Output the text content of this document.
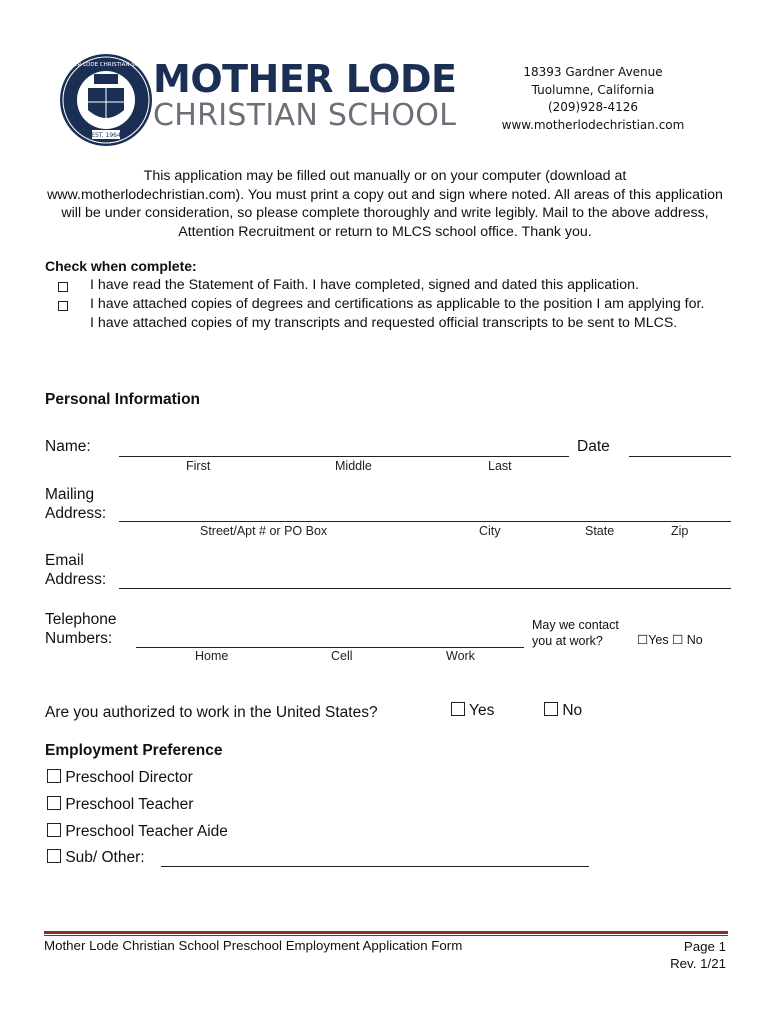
EST. 1964
MOTHER LODE CHRISTIAN SCHOOL
MOTHER LODE
CHRISTIAN SCHOOL
18393 Gardner Avenue
Tuolumne, California
(209)928-4126
www.motherlodechristian.com
This application may be filled out manually or on your computer (download at www.motherlodechristian.com). You must print a copy out and sign where noted. All areas of this application will be under consideration, so please complete thoroughly and write legibly. Mail to the above address, Attention Recruitment or return to MLCS school office. Thank you.
Check when complete:
I have read the Statement of Faith. I have completed, signed and dated this application.
I have attached copies of degrees and certifications as applicable to the position I am applying for. I have attached copies of my transcripts and requested official transcripts to be sent to MLCS.
Personal Information
Name:	Date
First	Middle	Last
Mailing
Address:
Street/Apt # or PO Box	City	State	Zip
Email
Address:
Telephone
Numbers:
Home	Cell	Work
May we contact
you at work?	☐Yes ☐ No
Are you authorized to work in the United States?	Yes	No
Employment Preference
Preschool Director
Preschool Teacher
Preschool Teacher Aide
Sub/ Other:
Mother Lode Christian School Preschool Employment Application Form	Page 1
Rev. 1/21
